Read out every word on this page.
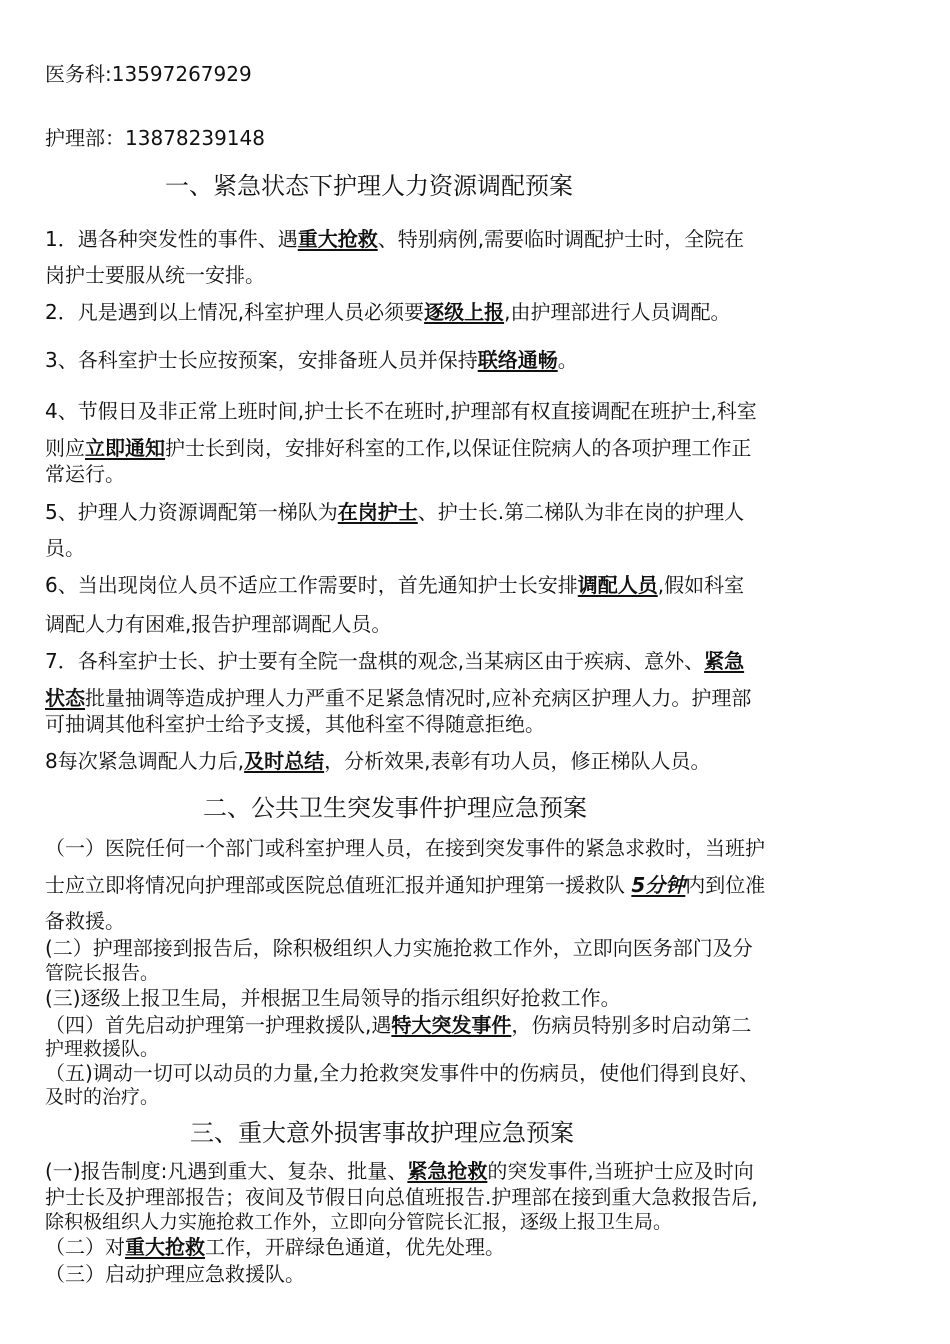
医务科:13597267929
护理部：13878239148
一、紧急状态下护理人力资源调配预案
1．遇各种突发性的事件、遇重大抢救、特别病例,需要临时调配护士时，全院在
岗护士要服从统一安排。
2．凡是遇到以上情况,科室护理人员必须要逐级上报,由护理部进行人员调配。
3、各科室护士长应按预案，安排备班人员并保持联络通畅。
4、节假日及非正常上班时间,护士长不在班时,护理部有权直接调配在班护士,科室
则应立即通知护士长到岗，安排好科室的工作,以保证住院病人的各项护理工作正
常运行。
5、护理人力资源调配第一梯队为在岗护士、护士长.第二梯队为非在岗的护理人
员。
6、当出现岗位人员不适应工作需要时，首先通知护士长安排调配人员,假如科室
调配人力有困难,报告护理部调配人员。
7．各科室护士长、护士要有全院一盘棋的观念,当某病区由于疾病、意外、紧急
状态批量抽调等造成护理人力严重不足紧急情况时,应补充病区护理人力。护理部
可抽调其他科室护士给予支援，其他科室不得随意拒绝。
8每次紧急调配人力后,及时总结，分析效果,表彰有功人员，修正梯队人员。
二、公共卫生突发事件护理应急预案
（一）医院任何一个部门或科室护理人员，在接到突发事件的紧急求救时，当班护
士应立即将情况向护理部或医院总值班汇报并通知护理第一援救队 5分钟内到位准
备救援。
(二）护理部接到报告后，除积极组织人力实施抢救工作外，立即向医务部门及分
管院长报告。
(三)逐级上报卫生局，并根据卫生局领导的指示组织好抢救工作。
（四）首先启动护理第一护理救援队,遇特大突发事件，伤病员特别多时启动第二
护理救援队。
（五)调动一切可以动员的力量,全力抢救突发事件中的伤病员，使他们得到良好、
及时的治疗。
三、重大意外损害事故护理应急预案
(一)报告制度:凡遇到重大、复杂、批量、紧急抢救的突发事件,当班护士应及时向
护士长及护理部报告；夜间及节假日向总值班报告.护理部在接到重大急救报告后,
除积极组织人力实施抢救工作外，立即向分管院长汇报，逐级上报卫生局。
（二）对重大抢救工作，开辟绿色通道，优先处理。
（三）启动护理应急救援队。
